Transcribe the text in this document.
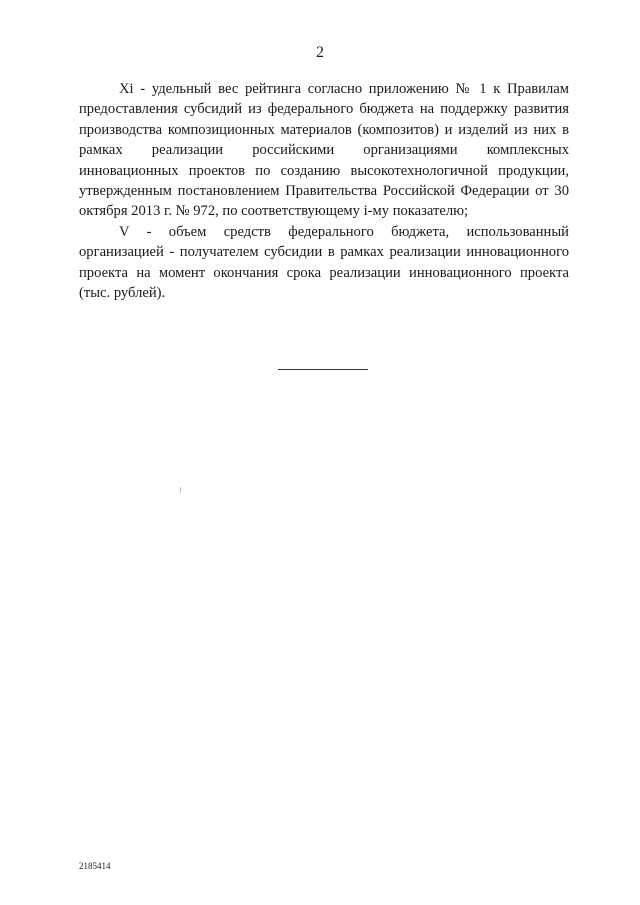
2

Xi - удельный вес рейтинга согласно приложению № 1 к Правилам предоставления субсидий из федерального бюджета на поддержку развития производства композиционных материалов (композитов) и изделий из них в рамках реализации российскими организациями комплексных инновационных проектов по созданию высокотехнологичной продукции, утвержденным постановлением Правительства Российской Федерации от 30 октября 2013 г. № 972, по соответствующему i-му показателю;

V - объем средств федерального бюджета, использованный организацией - получателем субсидии в рамках реализации инновационного проекта на момент окончания срока реализации инновационного проекта (тыс. рублей).

2185414
